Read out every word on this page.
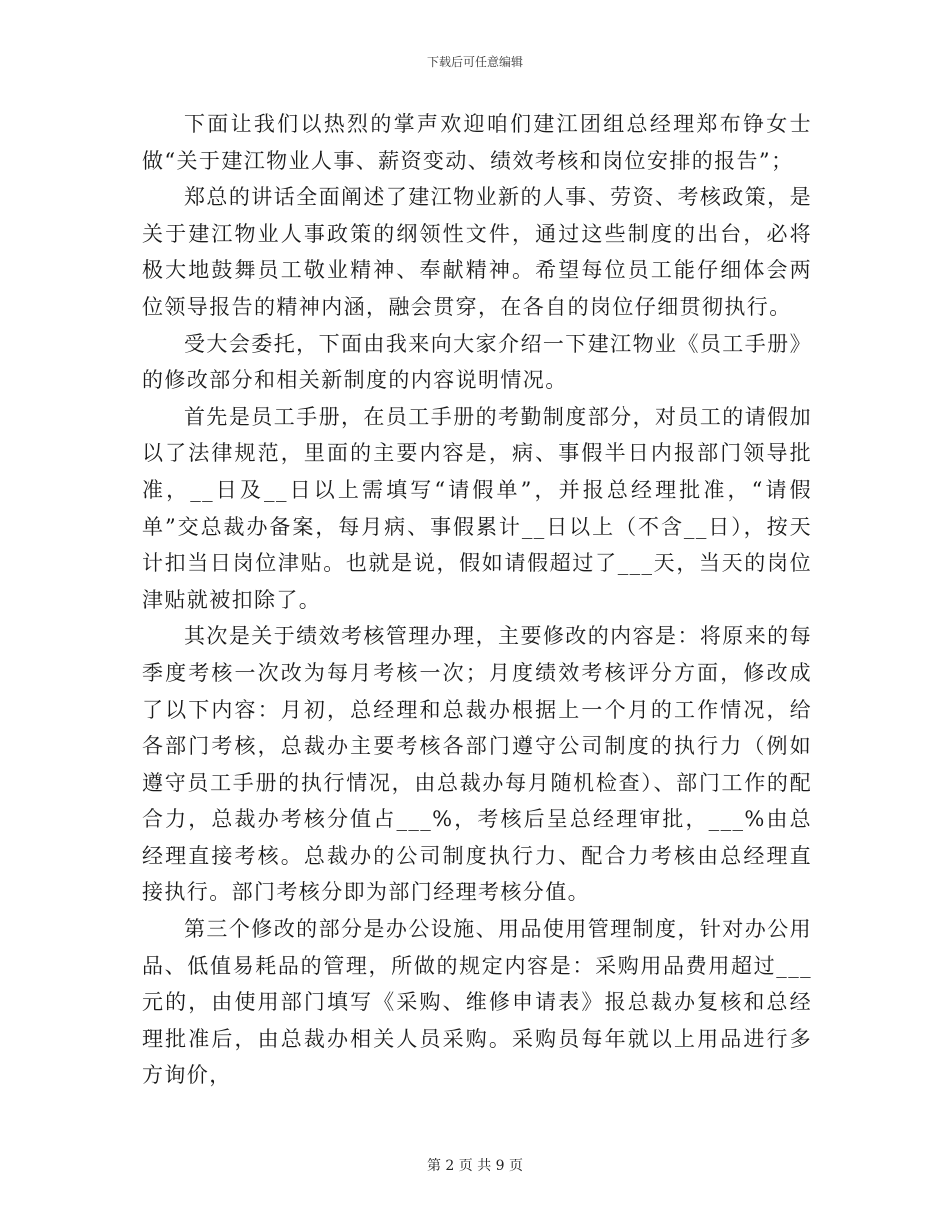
下载后可任意编辑

下面让我们以热烈的掌声欢迎咱们建江团组总经理郑布铮女士做“关于建江物业人事、薪资变动、绩效考核和岗位安排的报告”；

郑总的讲话全面阐述了建江物业新的人事、劳资、考核政策，是关于建江物业人事政策的纲领性文件，通过这些制度的出台，必将极大地鼓舞员工敬业精神、奉献精神。希望每位员工能仔细体会两位领导报告的精神内涵，融会贯穿，在各自的岗位仔细贯彻执行。

受大会委托，下面由我来向大家介绍一下建江物业《员工手册》的修改部分和相关新制度的内容说明情况。

首先是员工手册，在员工手册的考勤制度部分，对员工的请假加以了法律规范，里面的主要内容是，病、事假半日内报部门领导批准，__日及__日以上需填写“请假单”，并报总经理批准，“请假单”交总裁办备案，每月病、事假累计__日以上（不含__日），按天计扣当日岗位津贴。也就是说，假如请假超过了___天，当天的岗位津贴就被扣除了。

其次是关于绩效考核管理办理，主要修改的内容是：将原来的每季度考核一次改为每月考核一次；月度绩效考核评分方面，修改成了以下内容：月初，总经理和总裁办根据上一个月的工作情况，给各部门考核，总裁办主要考核各部门遵守公司制度的执行力（例如遵守员工手册的执行情况，由总裁办每月随机检查）、部门工作的配合力，总裁办考核分值占___%，考核后呈总经理审批，___%由总经理直接考核。总裁办的公司制度执行力、配合力考核由总经理直接执行。部门考核分即为部门经理考核分值。

第三个修改的部分是办公设施、用品使用管理制度，针对办公用品、低值易耗品的管理，所做的规定内容是：采购用品费用超过___元的，由使用部门填写《采购、维修申请表》报总裁办复核和总经理批准后，由总裁办相关人员采购。采购员每年就以上用品进行多方询价，

第 2 页 共 9 页
